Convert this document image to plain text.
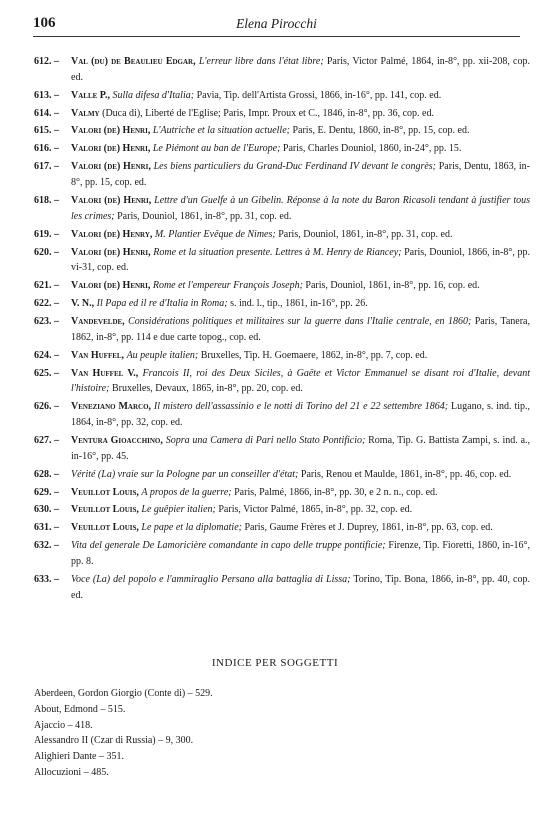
106	Elena Pirocchi
612. – Val (du) de Beaulieu Edgar, L'erreur libre dans l'état libre; Paris, Victor Palmé, 1864, in-8°, pp. xii-208, cop. ed.
613. – Valle P., Sulla difesa d'Italia; Pavia, Tip. dell'Artista Grossi, 1866, in-16°, pp. 141, cop. ed.
614. – Valmy (Duca di), Liberté de l'Eglise; Paris, Impr. Proux et C., 1846, in-8°, pp. 36, cop. ed.
615. – Valori (de) Henri, L'Autriche et la situation actuelle; Paris, E. Dentu, 1860, in-8°, pp. 15, cop. ed.
616. – Valori (de) Henri, Le Piémont au ban de l'Europe; Paris, Charles Douniol, 1860, in-24°, pp. 15.
617. – Valori (de) Henri, Les biens particuliers du Grand-Duc Ferdinand IV devant le congrès; Paris, Dentu, 1863, in-8°, pp. 15, cop. ed.
618. – Valori (de) Henri, Lettre d'un Guelfe à un Gibelin. Réponse à la note du Baron Ricasoli tendant à justifier tous les crimes; Paris, Douniol, 1861, in-8°, pp. 31, cop. ed.
619. – Valori (de) Henry, M. Plantier Evêque de Nimes; Paris, Douniol, 1861, in-8°, pp. 31, cop. ed.
620. – Valori (de) Henri, Rome et la situation presente. Lettres à M. Henry de Riancey; Paris, Douniol, 1866, in-8°, pp. vi-31, cop. ed.
621. – Valori (de) Henri, Rome et l'empereur François Joseph; Paris, Douniol, 1861, in-8°, pp. 16, cop. ed.
622. – V. N., Il Papa ed il re d'Italia in Roma; s. ind. l., tip., 1861, in-16°, pp. 26.
623. – Vandevelde, Considérations politiques et militaires sur la guerre dans l'Italie centrale, en 1860; Paris, Tanera, 1862, in-8°, pp. 114 e due carte topog., cop. ed.
624. – Van Huffel, Au peuple italien; Bruxelles, Tip. H. Goemaere, 1862, in-8°, pp. 7, cop. ed.
625. – Van Huffel V., Francois II, roi des Deux Siciles, à Gaëte et Victor Emmanuel se disant roi d'Italie, devant l'histoire; Bruxelles, Devaux, 1865, in-8°, pp. 20, cop. ed.
626. – Veneziano Marco, Il mistero dell'assassinio e le notti di Torino del 21 e 22 settembre 1864; Lugano, s. ind. tip., 1864, in-8°, pp. 32, cop. ed.
627. – Ventura Gioacchino, Sopra una Camera di Pari nello Stato Pontificio; Roma, Tip. G. Battista Zampi, s. ind. a., in-16°, pp. 45.
628. – Vérité (La) vraie sur la Pologne par un conseiller d'état; Paris, Renou et Maulde, 1861, in-8°, pp. 46, cop. ed.
629. – Veuillot Louis, A propos de la guerre; Paris, Palmé, 1866, in-8°, pp. 30, e 2 n. n., cop. ed.
630. – Veuillot Louis, Le guêpier italien; Paris, Victor Palmé, 1865, in-8°, pp. 32, cop. ed.
631. – Veuillot Louis, Le pape et la diplomatie; Paris, Gaume Frères et J. Duprey, 1861, in-8°, pp. 63, cop. ed.
632. – Vita del generale De Lamoricière comandante in capo delle truppe pontificie; Firenze, Tip. Fioretti, 1860, in-16°, pp. 8.
633. – Voce (La) del popolo e l'ammiraglio Persano alla battaglia di Lissa; Torino, Tip. Bona, 1866, in-8°, pp. 40, cop. ed.
INDICE PER SOGGETTI
Aberdeen, Gordon Giorgio (Conte di) – 529.
About, Edmond – 515.
Ajaccio – 418.
Alessandro II (Czar di Russia) – 9, 300.
Alighieri Dante – 351.
Allocuzioni – 485.
